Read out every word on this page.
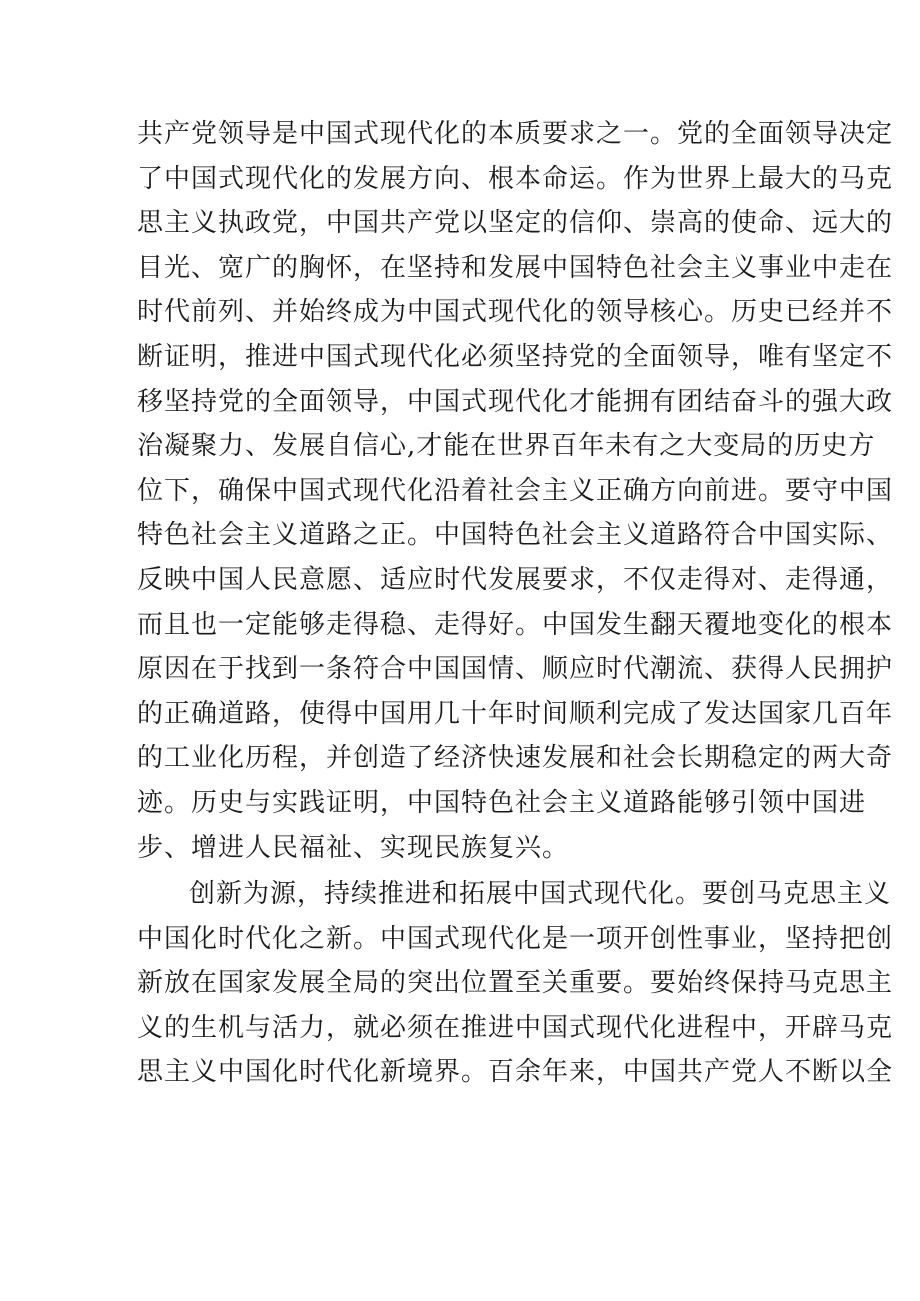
共产党领导是中国式现代化的本质要求之一。党的全面领导决定
了中国式现代化的发展方向、根本命运。作为世界上最大的马克
思主义执政党，中国共产党以坚定的信仰、崇高的使命、远大的
目光、宽广的胸怀，在坚持和发展中国特色社会主义事业中走在
时代前列、并始终成为中国式现代化的领导核心。历史已经并不
断证明，推进中国式现代化必须坚持党的全面领导，唯有坚定不
移坚持党的全面领导，中国式现代化才能拥有团结奋斗的强大政
治凝聚力、发展自信心,才能在世界百年未有之大变局的历史方
位下，确保中国式现代化沿着社会主义正确方向前进。要守中国
特色社会主义道路之正。中国特色社会主义道路符合中国实际、
反映中国人民意愿、适应时代发展要求，不仅走得对、走得通，
而且也一定能够走得稳、走得好。中国发生翻天覆地变化的根本
原因在于找到一条符合中国国情、顺应时代潮流、获得人民拥护
的正确道路，使得中国用几十年时间顺利完成了发达国家几百年
的工业化历程，并创造了经济快速发展和社会长期稳定的两大奇
迹。历史与实践证明，中国特色社会主义道路能够引领中国进
步、增进人民福祉、实现民族复兴。
创新为源，持续推进和拓展中国式现代化。要创马克思主义
中国化时代化之新。中国式现代化是一项开创性事业，坚持把创
新放在国家发展全局的突出位置至关重要。要始终保持马克思主
义的生机与活力，就必须在推进中国式现代化进程中，开辟马克
思主义中国化时代化新境界。百余年来，中国共产党人不断以全
